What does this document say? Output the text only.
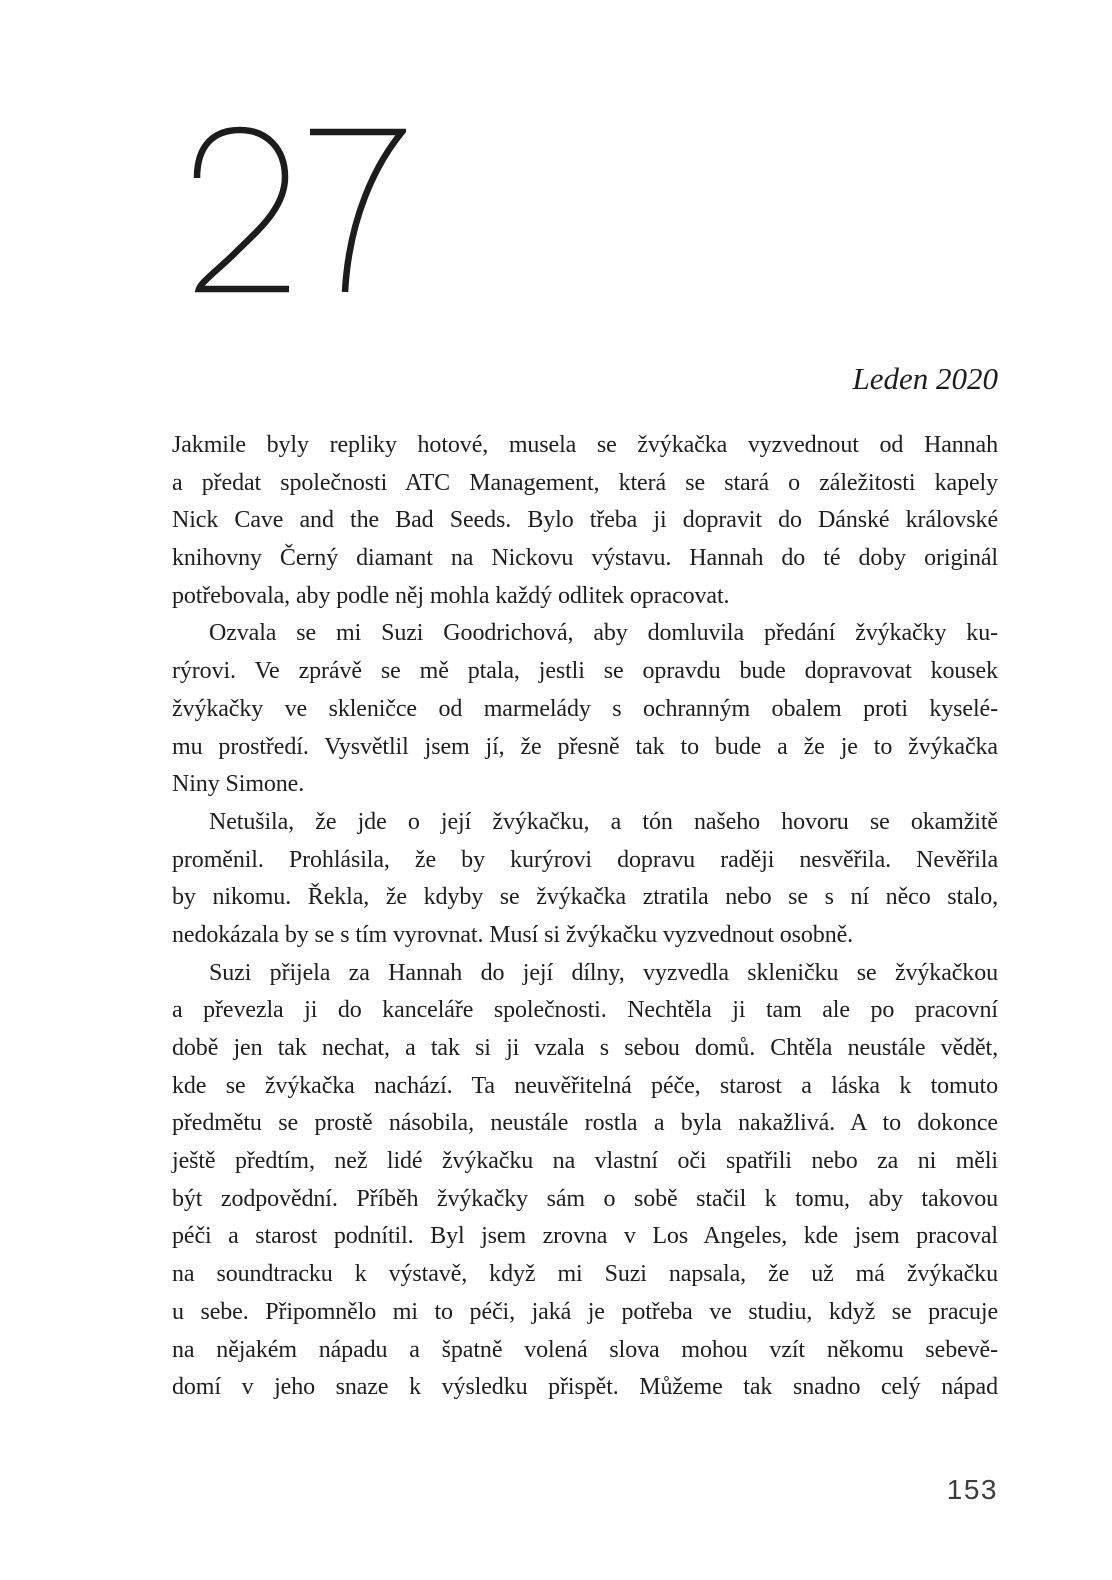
Leden 2020
Jakmile byly repliky hotové, musela se žvýkačka vyzvednout od Hannah
a předat společnosti ATC Management, která se stará o záležitosti kapely
Nick Cave and the Bad Seeds. Bylo třeba ji dopravit do Dánské královské
knihovny Černý diamant na Nickovu výstavu. Hannah do té doby originál
potřebovala, aby podle něj mohla každý odlitek opracovat.
Ozvala se mi Suzi Goodrichová, aby domluvila předání žvýkačky ku-
rýrovi. Ve zprávě se mě ptala, jestli se opravdu bude dopravovat kousek
žvýkačky ve skleničce od marmelády s ochranným obalem proti kyselé-
mu prostředí. Vysvětlil jsem jí, že přesně tak to bude a že je to žvýkačka
Niny Simone.
Netušila, že jde o její žvýkačku, a tón našeho hovoru se okamžitě
proměnil. Prohlásila, že by kurýrovi dopravu raději nesvěřila. Nevěřila
by nikomu. Řekla, že kdyby se žvýkačka ztratila nebo se s ní něco stalo,
nedokázala by se s tím vyrovnat. Musí si žvýkačku vyzvednout osobně.
Suzi přijela za Hannah do její dílny, vyzvedla skleničku se žvýkačkou
a převezla ji do kanceláře společnosti. Nechtěla ji tam ale po pracovní
době jen tak nechat, a tak si ji vzala s sebou domů. Chtěla neustále vědět,
kde se žvýkačka nachází. Ta neuvěřitelná péče, starost a láska k tomuto
předmětu se prostě násobila, neustále rostla a byla nakažlivá. A to dokonce
ještě předtím, než lidé žvýkačku na vlastní oči spatřili nebo za ni měli
být zodpovědní. Příběh žvýkačky sám o sobě stačil k tomu, aby takovou
péči a starost podnítil. Byl jsem zrovna v Los Angeles, kde jsem pracoval
na soundtracku k výstavě, když mi Suzi napsala, že už má žvýkačku
u sebe. Připomnělo mi to péči, jaká je potřeba ve studiu, když se pracuje
na nějakém nápadu a špatně volená slova mohou vzít někomu sebevě-
domí v jeho snaze k výsledku přispět. Můžeme tak snadno celý nápad
153
